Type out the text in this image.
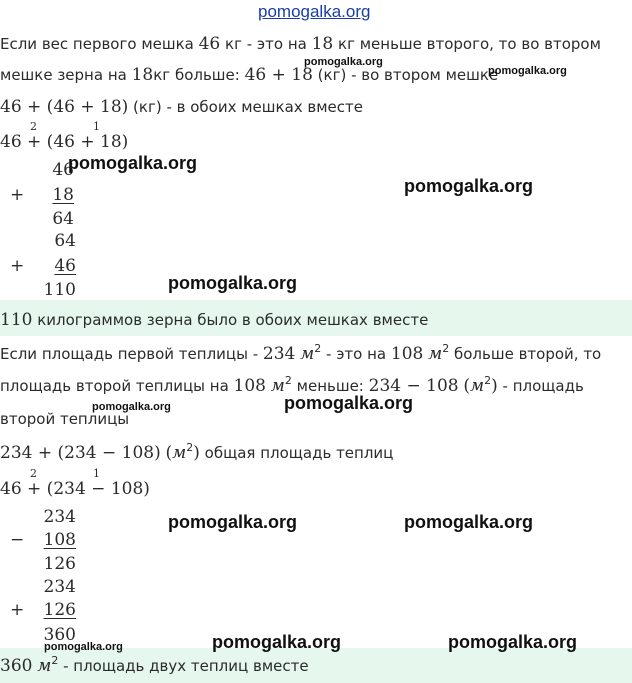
pomogalka.org
Если вес первого мешка 46 кг - это на 18 кг меньше второго, то во втором
мешке зерна на 18кг больше: 46 + 18 (кг) - во втором мешке
46 + (46 + 18) (кг) - в обоих мешках вместе
2	1
46 + (46 + 18)
46
+	18
64
64
+	46
110
110 килограммов зерна было в обоих мешках вместе
Если площадь первой теплицы - 234 $м^2$ - это на 108 $м^2$ больше второй, то
площадь второй теплицы на 108 $м^2$ меньше: 234 − 108 $(м^2)$ - площадь
второй теплицы
234 + (234 − 108) $(м^2)$ общая площадь теплиц
2	1
46 + (234 − 108)
234
− 108
126
234
+ 126
360
360 $м^2$ - площадь двух теплиц вместе
pomogalka.org
pomogalka.org
pomogalka.org
pomogalka.org
pomogalka.org
pomogalka.org	pomogalka.org
pomogalka.org	pomogalka.org
pomogalka.org	pomogalka.org	pomogalka.org
